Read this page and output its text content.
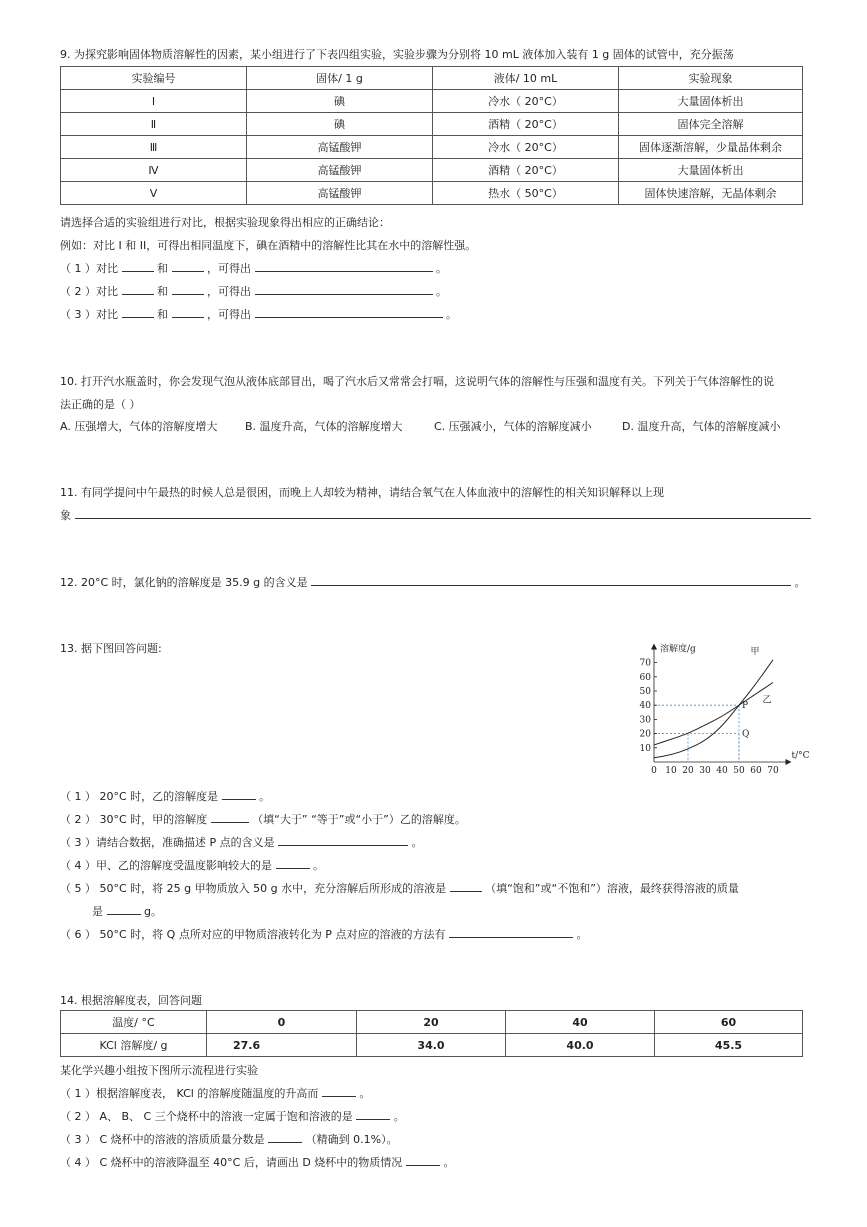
9. 为探究影响固体物质溶解性的因素，某小组进行了下表四组实验，实验步骤为分别将 10 mL 液体加入装有 1 g 固体的试管中，充分振荡
实验编号	固体/ 1 g	液体/ 10 mL	实验现象
Ⅰ	碘	冷水（ 20°C）	大量固体析出
Ⅱ	碘	酒精（ 20°C）	固体完全溶解
Ⅲ	高锰酸钾	冷水（ 20°C）	固体逐渐溶解，少量晶体剩余
Ⅳ	高锰酸钾	酒精（ 20°C）	大量固体析出
Ⅴ	高锰酸钾	热水（ 50°C）	固体快速溶解，无晶体剩余
请选择合适的实验组进行对比，根据实验现象得出相应的正确结论：
例如：对比 I 和 II，可得出相同温度下，碘在酒精中的溶解性比其在水中的溶解性强。
（ 1 ）对比	和	，可得出	。
（ 2 ）对比	和	，可得出	。
（ 3 ）对比	和	，可得出	。
10. 打开汽水瓶盖时，你会发现气泡从液体底部冒出，喝了汽水后又常常会打嗝，这说明气体的溶解性与压强和温度有关。下列关于气体溶解性的说
法正确的是（ ）
A. 压强增大，气体的溶解度增大	B. 温度升高，气体的溶解度增大	C. 压强减小，气体的溶解度减小	D. 温度升高，气体的溶解度减小
11. 有同学提问中午最热的时候人总是很困，而晚上人却较为精神，请结合氧气在人体血液中的溶解性的相关知识解释以上现
象
12. 20°C 时，氯化钠的溶解度是 35.9 g 的含义是	。
13. 据下图回答问题:
0 10 20 30 40 50 60 70
10
20
30
40
50
60
70
溶解度/g
t/°C
甲
乙
P
Q
（ 1 ） 20°C 时，乙的溶解度是	。
（ 2 ） 30°C 时，甲的溶解度	（填“大于” “等于”或“小于”）乙的溶解度。
（ 3 ）请结合数据，准确描述 P 点的含义是	。
（ 4 ）甲、乙的溶解度受温度影响较大的是	。
（ 5 ） 50°C 时，将 25 g 甲物质放入 50 g 水中，充分溶解后所形成的溶液是	（填“饱和”或“不饱和”）溶液，最终获得溶液的质量
是	g。
（ 6 ） 50°C 时，将 Q 点所对应的甲物质溶液转化为 P 点对应的溶液的方法有	。
14. 根据溶解度表，回答问题
温度/ °C	0	20	40	60
KCl 溶解度/ g	27.6	34.0	40.0	45.5
某化学兴趣小组按下图所示流程进行实验
（ 1 ）根据溶解度表， KCl 的溶解度随温度的升高而	。
（ 2 ） A、 B、 C 三个烧杯中的溶液一定属于饱和溶液的是	。
（ 3 ） C 烧杯中的溶液的溶质质量分数是	（精确到 0.1%）。
（ 4 ） C 烧杯中的溶液降温至 40°C 后，请画出 D 烧杯中的物质情况	。
